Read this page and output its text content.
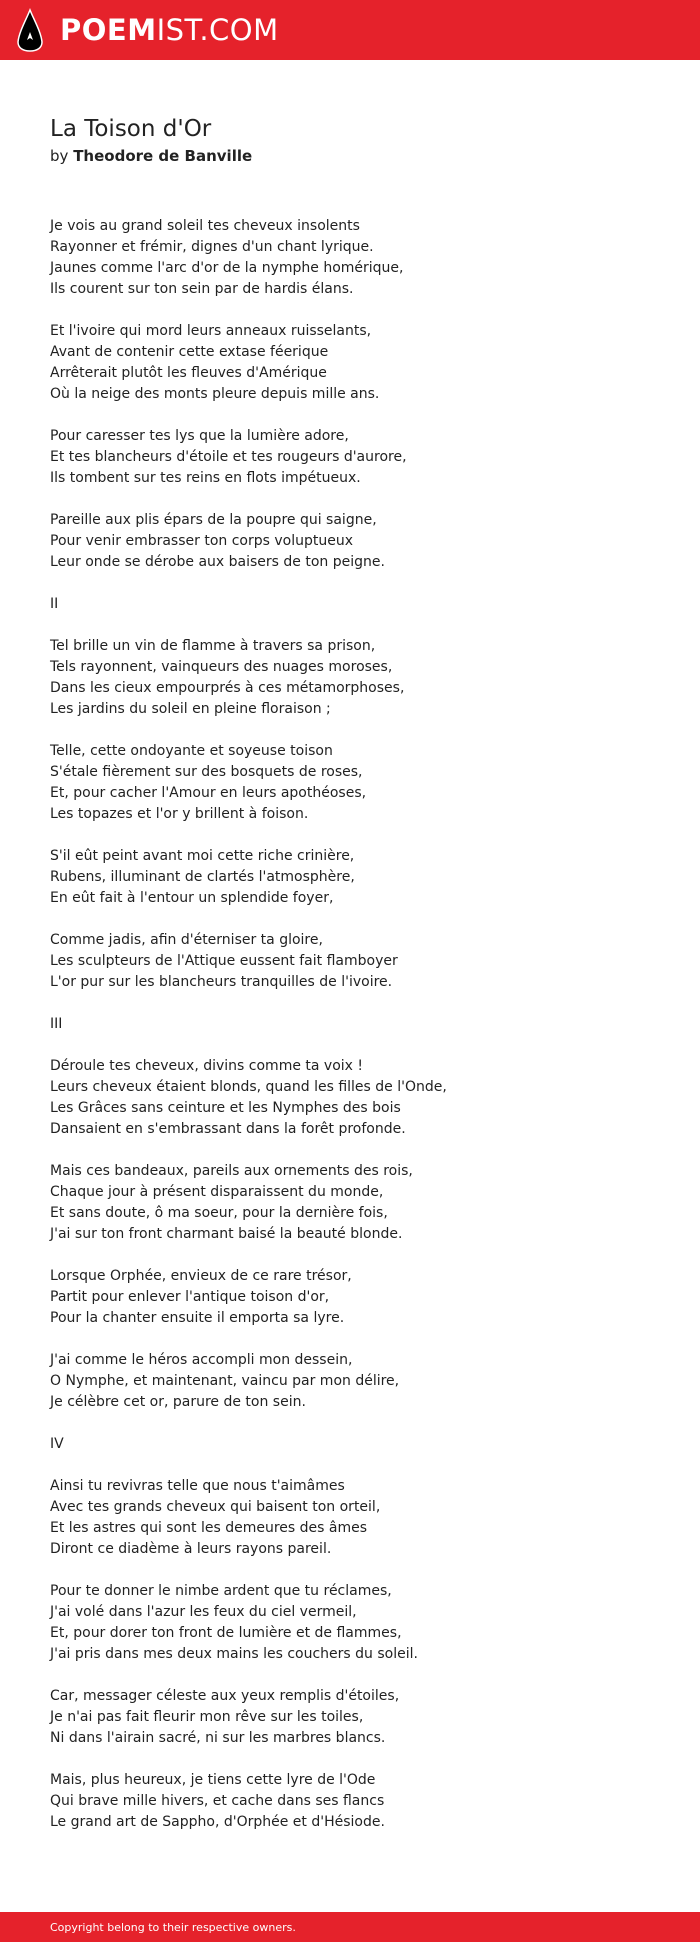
POEMIST.COM
La Toison d'Or
by Theodore de Banville
Je vois au grand soleil tes cheveux insolents
Rayonner et frémir, dignes d'un chant lyrique.
Jaunes comme l'arc d'or de la nymphe homérique,
Ils courent sur ton sein par de hardis élans.
Et l'ivoire qui mord leurs anneaux ruisselants,
Avant de contenir cette extase féerique
Arrêterait plutôt les fleuves d'Amérique
Où la neige des monts pleure depuis mille ans.
Pour caresser tes lys que la lumière adore,
Et tes blancheurs d'étoile et tes rougeurs d'aurore,
Ils tombent sur tes reins en flots impétueux.
Pareille aux plis épars de la poupre qui saigne,
Pour venir embrasser ton corps voluptueux
Leur onde se dérobe aux baisers de ton peigne.
II
Tel brille un vin de flamme à travers sa prison,
Tels rayonnent, vainqueurs des nuages moroses,
Dans les cieux empourprés à ces métamorphoses,
Les jardins du soleil en pleine floraison ;
Telle, cette ondoyante et soyeuse toison
S'étale fièrement sur des bosquets de roses,
Et, pour cacher l'Amour en leurs apothéoses,
Les topazes et l'or y brillent à foison.
S'il eût peint avant moi cette riche crinière,
Rubens, illuminant de clartés l'atmosphère,
En eût fait à l'entour un splendide foyer,
Comme jadis, afin d'éterniser ta gloire,
Les sculpteurs de l'Attique eussent fait flamboyer
L'or pur sur les blancheurs tranquilles de l'ivoire.
III
Déroule tes cheveux, divins comme ta voix !
Leurs cheveux étaient blonds, quand les filles de l'Onde,
Les Grâces sans ceinture et les Nymphes des bois
Dansaient en s'embrassant dans la forêt profonde.
Mais ces bandeaux, pareils aux ornements des rois,
Chaque jour à présent disparaissent du monde,
Et sans doute, ô ma soeur, pour la dernière fois,
J'ai sur ton front charmant baisé la beauté blonde.
Lorsque Orphée, envieux de ce rare trésor,
Partit pour enlever l'antique toison d'or,
Pour la chanter ensuite il emporta sa lyre.
J'ai comme le héros accompli mon dessein,
O Nymphe, et maintenant, vaincu par mon délire,
Je célèbre cet or, parure de ton sein.
IV
Ainsi tu revivras telle que nous t'aimâmes
Avec tes grands cheveux qui baisent ton orteil,
Et les astres qui sont les demeures des âmes
Diront ce diadème à leurs rayons pareil.
Pour te donner le nimbe ardent que tu réclames,
J'ai volé dans l'azur les feux du ciel vermeil,
Et, pour dorer ton front de lumière et de flammes,
J'ai pris dans mes deux mains les couchers du soleil.
Car, messager céleste aux yeux remplis d'étoiles,
Je n'ai pas fait fleurir mon rêve sur les toiles,
Ni dans l'airain sacré, ni sur les marbres blancs.
Mais, plus heureux, je tiens cette lyre de l'Ode
Qui brave mille hivers, et cache dans ses flancs
Le grand art de Sappho, d'Orphée et d'Hésiode.
Copyright belong to their respective owners.
